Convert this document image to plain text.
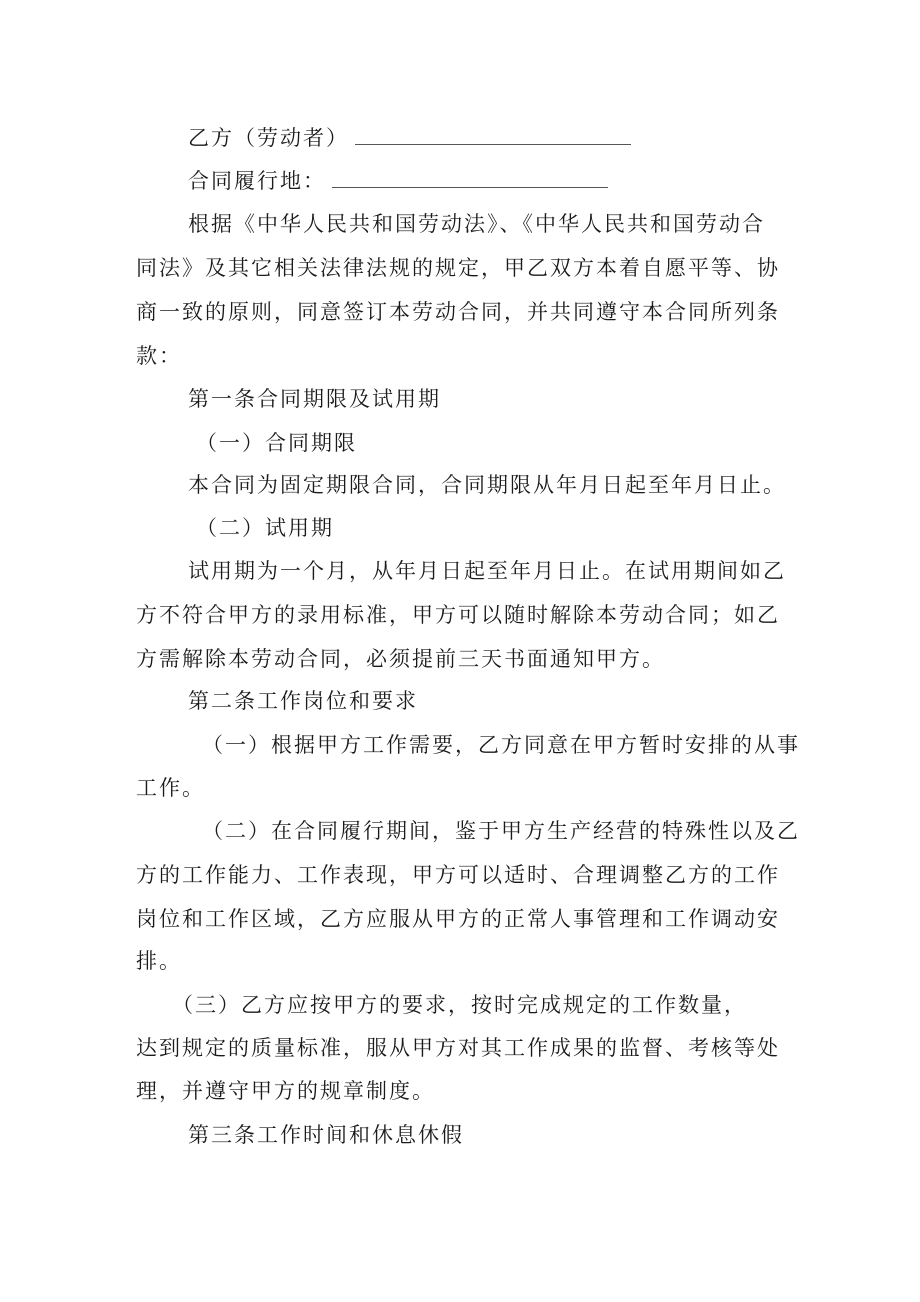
乙方（劳动者）
合同履行地：
根据《中华人民共和国劳动法》、《中华人民共和国劳动合
同法》及其它相关法律法规的规定，甲乙双方本着自愿平等、协
商一致的原则，同意签订本劳动合同，并共同遵守本合同所列条
款：
第一条合同期限及试用期
（一）合同期限
本合同为固定期限合同，合同期限从年月日起至年月日止。
（二）试用期
试用期为一个月，从年月日起至年月日止。在试用期间如乙
方不符合甲方的录用标准，甲方可以随时解除本劳动合同；如乙
方需解除本劳动合同，必须提前三天书面通知甲方。
第二条工作岗位和要求
（一）根据甲方工作需要，乙方同意在甲方暂时安排的从事
工作。
（二）在合同履行期间，鉴于甲方生产经营的特殊性以及乙
方的工作能力、工作表现，甲方可以适时、合理调整乙方的工作
岗位和工作区域，乙方应服从甲方的正常人事管理和工作调动安
排。
（三）乙方应按甲方的要求，按时完成规定的工作数量，
达到规定的质量标准，服从甲方对其工作成果的监督、考核等处
理，并遵守甲方的规章制度。
第三条工作时间和休息休假
